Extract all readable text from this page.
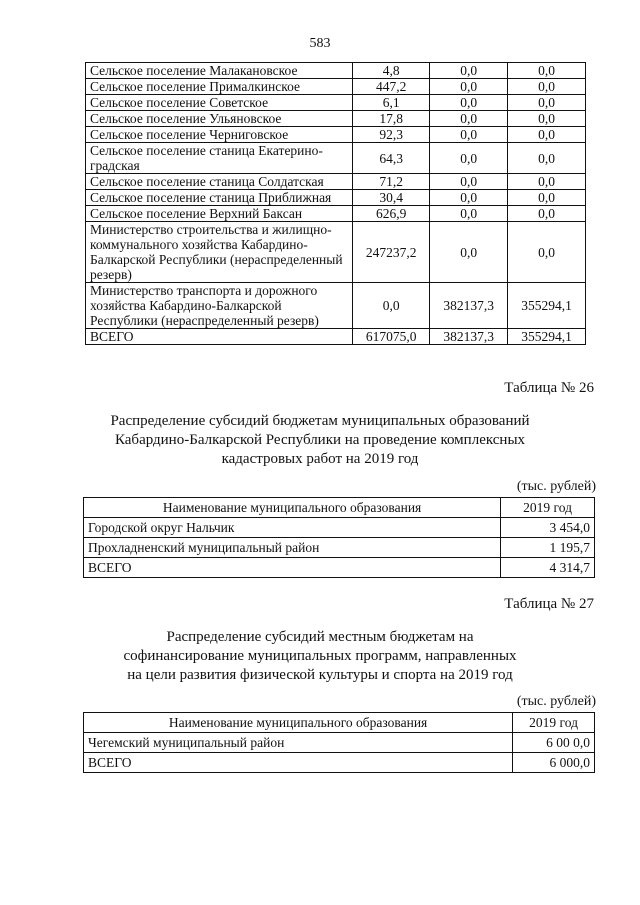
583
Сельское поселение Малакановское	4,8	0,0	0,0
Сельское поселение Прималкинское	447,2	0,0	0,0
Сельское поселение Советское	6,1	0,0	0,0
Сельское поселение Ульяновское	17,8	0,0	0,0
Сельское поселение Черниговское	92,3	0,0	0,0
Сельское поселение станица Екатерино-градская	64,3	0,0	0,0
Сельское поселение станица Солдатская	71,2	0,0	0,0
Сельское поселение станица Приближная	30,4	0,0	0,0
Сельское поселение Верхний Баксан	626,9	0,0	0,0
Министерство строительства и жилищно-коммунального хозяйства Кабардино-Балкарской Республики (нераспределенный резерв)	247237,2	0,0	0,0
Министерство транспорта и дорожного хозяйства Кабардино-Балкарской Республики (нераспределенный резерв)	0,0	382137,3	355294,1
ВСЕГО	617075,0	382137,3	355294,1
Таблица № 26
Распределение субсидий бюджетам муниципальных образований
Кабардино-Балкарской Республики на проведение комплексных
кадастровых работ на 2019 год
(тыс. рублей)
Наименование муниципального образования	2019 год
Городской округ Нальчик	3 454,0
Прохладненский муниципальный район	1 195,7
ВСЕГО	4 314,7
Таблица № 27
Распределение субсидий местным бюджетам на
софинансирование муниципальных программ, направленных
на цели развития физической культуры и спорта на 2019 год
(тыс. рублей)
Наименование муниципального образования	2019 год
Чегемский муниципальный район	6 00 0,0
ВСЕГО	6 000,0
